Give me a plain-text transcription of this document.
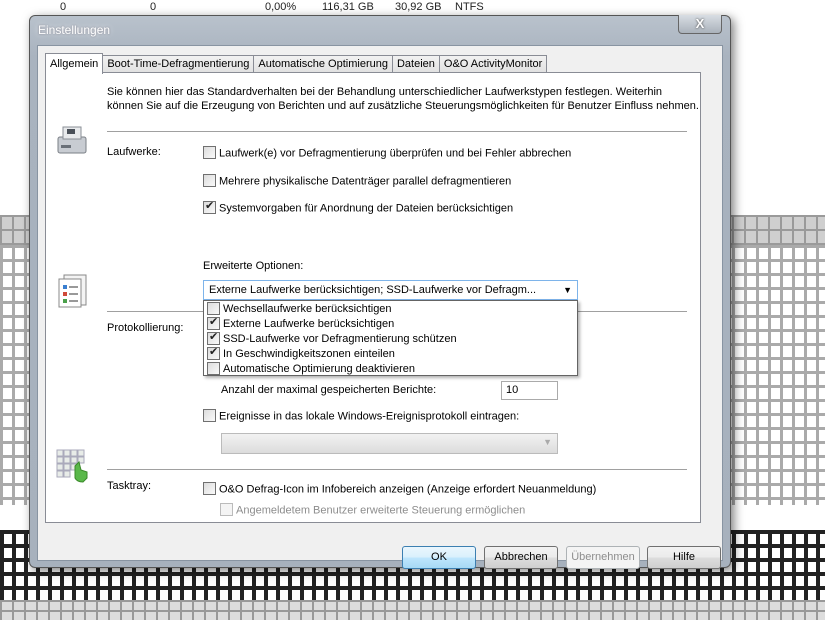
0	0	0,00% 116,31 GB 30,92 GB NTFS
Einstellungen	X
Allgemein Boot-Time-Defragmentierung Automatische Optimierung Dateien O&O ActivityMonitor
Sie können hier das Standardverhalten bei der Behandlung unterschiedlicher Laufwerkstypen festlegen. Weiterhin
können Sie auf die Erzeugung von Berichten und auf zusätzliche Steuerungsmöglichkeiten für Benutzer Einfluss nehmen.
Laufwerke:	Laufwerk(e) vor Defragmentierung überprüfen und bei Fehler abbrechen
Mehrere physikalische Datenträger parallel defragmentieren
✔Systemvorgaben für Anordnung der Dateien berücksichtigen
Erweiterte Optionen:
Externe Laufwerke berücksichtigen; SSD-Laufwerke vor Defragm...	▼
Wechsellaufwerke berücksichtigen
✔Externe Laufwerke berücksichtigen
✔SSD-Laufwerke vor Defragmentierung schützen
✔In Geschwindigkeitszonen einteilen
Automatische Optimierung deaktivieren
Protokollierung:
Anzahl der maximal gespeicherten Berichte:	10
Ereignisse in das lokale Windows-Ereignisprotokoll eintragen:
▼
Tasktray:	O&O Defrag-Icon im Infobereich anzeigen (Anzeige erfordert Neuanmeldung)
Angemeldetem Benutzer erweiterte Steuerung ermöglichen
OK	Abbrechen	Übernehmen	Hilfe
